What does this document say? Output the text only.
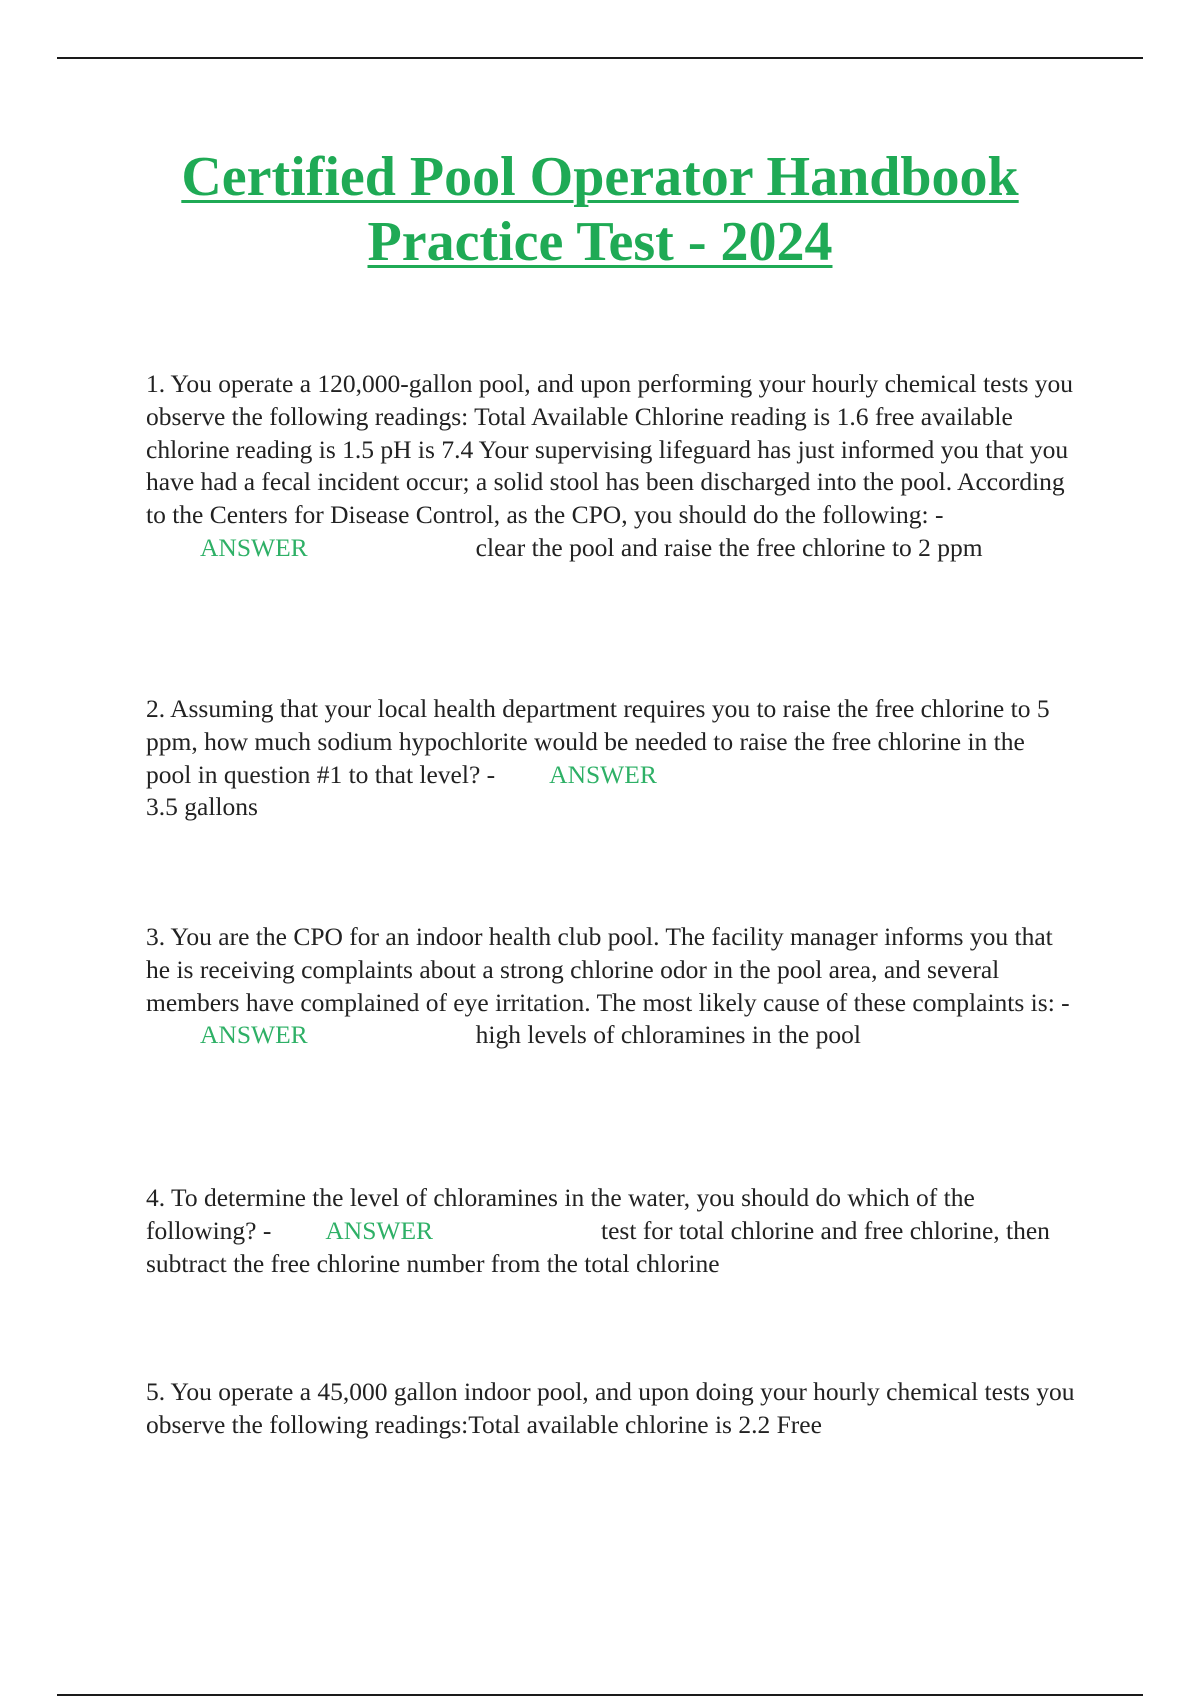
Certified Pool Operator Handbook
Practice Test - 2024
1. You operate a 120,000-gallon pool, and upon performing your hourly chemical tests you observe the following readings: Total Available Chlorine reading is 1.6 free available chlorine reading is 1.5 pH is 7.4 Your supervising lifeguard has just informed you that you have had a fecal incident occur; a solid stool has been discharged into the pool. According to the Centers for Disease Control, as the CPO, you should do the following: -ANSWER	clear the pool and raise the free chlorine to 2 ppm
2. Assuming that your local health department requires you to raise the free chlorine to 5 ppm, how much sodium hypochlorite would be needed to raise the free chlorine in the pool in question #1 to that level? - ANSWER
3.5 gallons
3. You are the CPO for an indoor health club pool. The facility manager informs you that he is receiving complaints about a strong chlorine odor in the pool area, and several members have complained of eye irritation. The most likely cause of these complaints is: -ANSWER	high levels of chloramines in the pool
4. To determine the level of chloramines in the water, you should do which of the following? - ANSWER	test for total chlorine and free chlorine, then subtract the free chlorine number from the total chlorine
5. You operate a 45,000 gallon indoor pool, and upon doing your hourly chemical tests you observe the following readings:Total available chlorine is 2.2 Free
